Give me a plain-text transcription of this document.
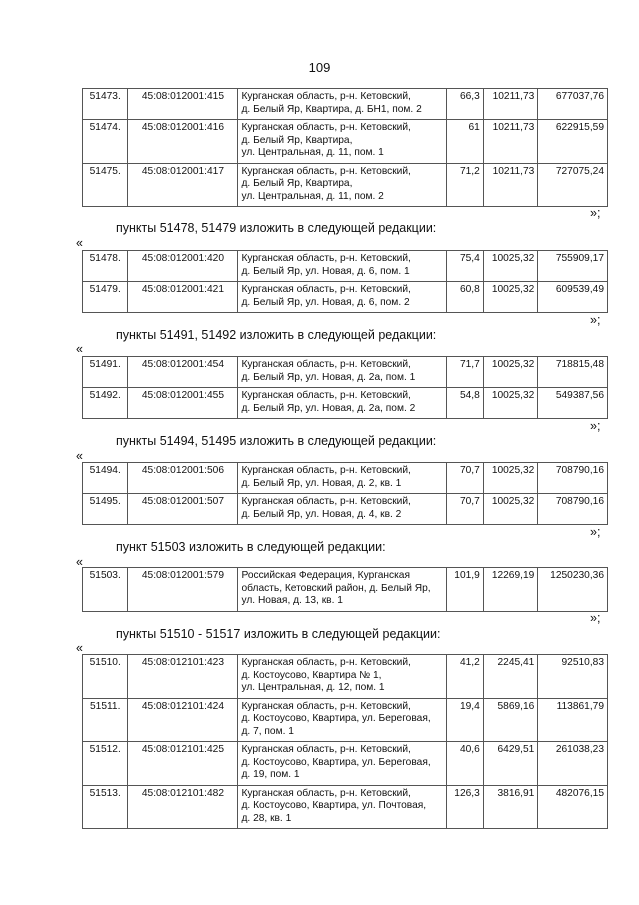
109
51473.	45:08:012001:415	Курганская область, р-н. Кетовский,
д. Белый Яр, Квартира, д. БН1, пом. 2	66,3	10211,73	677037,76
51474.	45:08:012001:416	Курганская область, р-н. Кетовский,
д. Белый Яр, Квартира,
ул. Центральная, д. 11, пом. 1	61	10211,73	622915,59
51475.	45:08:012001:417	Курганская область, р-н. Кетовский,
д. Белый Яр, Квартира,
ул. Центральная, д. 11, пом. 2	71,2	10211,73	727075,24
»;
пункты 51478, 51479 изложить в следующей редакции:
«
51478.	45:08:012001:420	Курганская область, р-н. Кетовский,
д. Белый Яр, ул. Новая, д. 6, пом. 1	75,4	10025,32	755909,17
51479.	45:08:012001:421	Курганская область, р-н. Кетовский,
д. Белый Яр, ул. Новая, д. 6, пом. 2	60,8	10025,32	609539,49
»;
пункты 51491, 51492 изложить в следующей редакции:
«
51491.	45:08:012001:454	Курганская область, р-н. Кетовский,
д. Белый Яр, ул. Новая, д. 2а, пом. 1	71,7	10025,32	718815,48
51492.	45:08:012001:455	Курганская область, р-н. Кетовский,
д. Белый Яр, ул. Новая, д. 2а, пом. 2	54,8	10025,32	549387,56
»;
пункты 51494, 51495 изложить в следующей редакции:
«
51494.	45:08:012001:506	Курганская область, р-н. Кетовский,
д. Белый Яр, ул. Новая, д. 2, кв. 1	70,7	10025,32	708790,16
51495.	45:08:012001:507	Курганская область, р-н. Кетовский,
д. Белый Яр, ул. Новая, д. 4, кв. 2	70,7	10025,32	708790,16
»;
пункт 51503 изложить в следующей редакции:
«
51503.	45:08:012001:579	Российская Федерация, Курганская
область, Кетовский район, д. Белый Яр,
ул. Новая, д. 13, кв. 1	101,9	12269,19	1250230,36
»;
пункты 51510 - 51517 изложить в следующей редакции:
«
51510.	45:08:012101:423	Курганская область, р-н. Кетовский,
д. Костоусово, Квартира № 1,
ул. Центральная, д. 12, пом. 1	41,2	2245,41	92510,83
51511.	45:08:012101:424	Курганская область, р-н. Кетовский,
д. Костоусово, Квартира, ул. Береговая,
д. 7, пом. 1	19,4	5869,16	113861,79
51512.	45:08:012101:425	Курганская область, р-н. Кетовский,
д. Костоусово, Квартира, ул. Береговая,
д. 19, пом. 1	40,6	6429,51	261038,23
51513.	45:08:012101:482	Курганская область, р-н. Кетовский,
д. Костоусово, Квартира, ул. Почтовая,
д. 28, кв. 1	126,3	3816,91	482076,15
